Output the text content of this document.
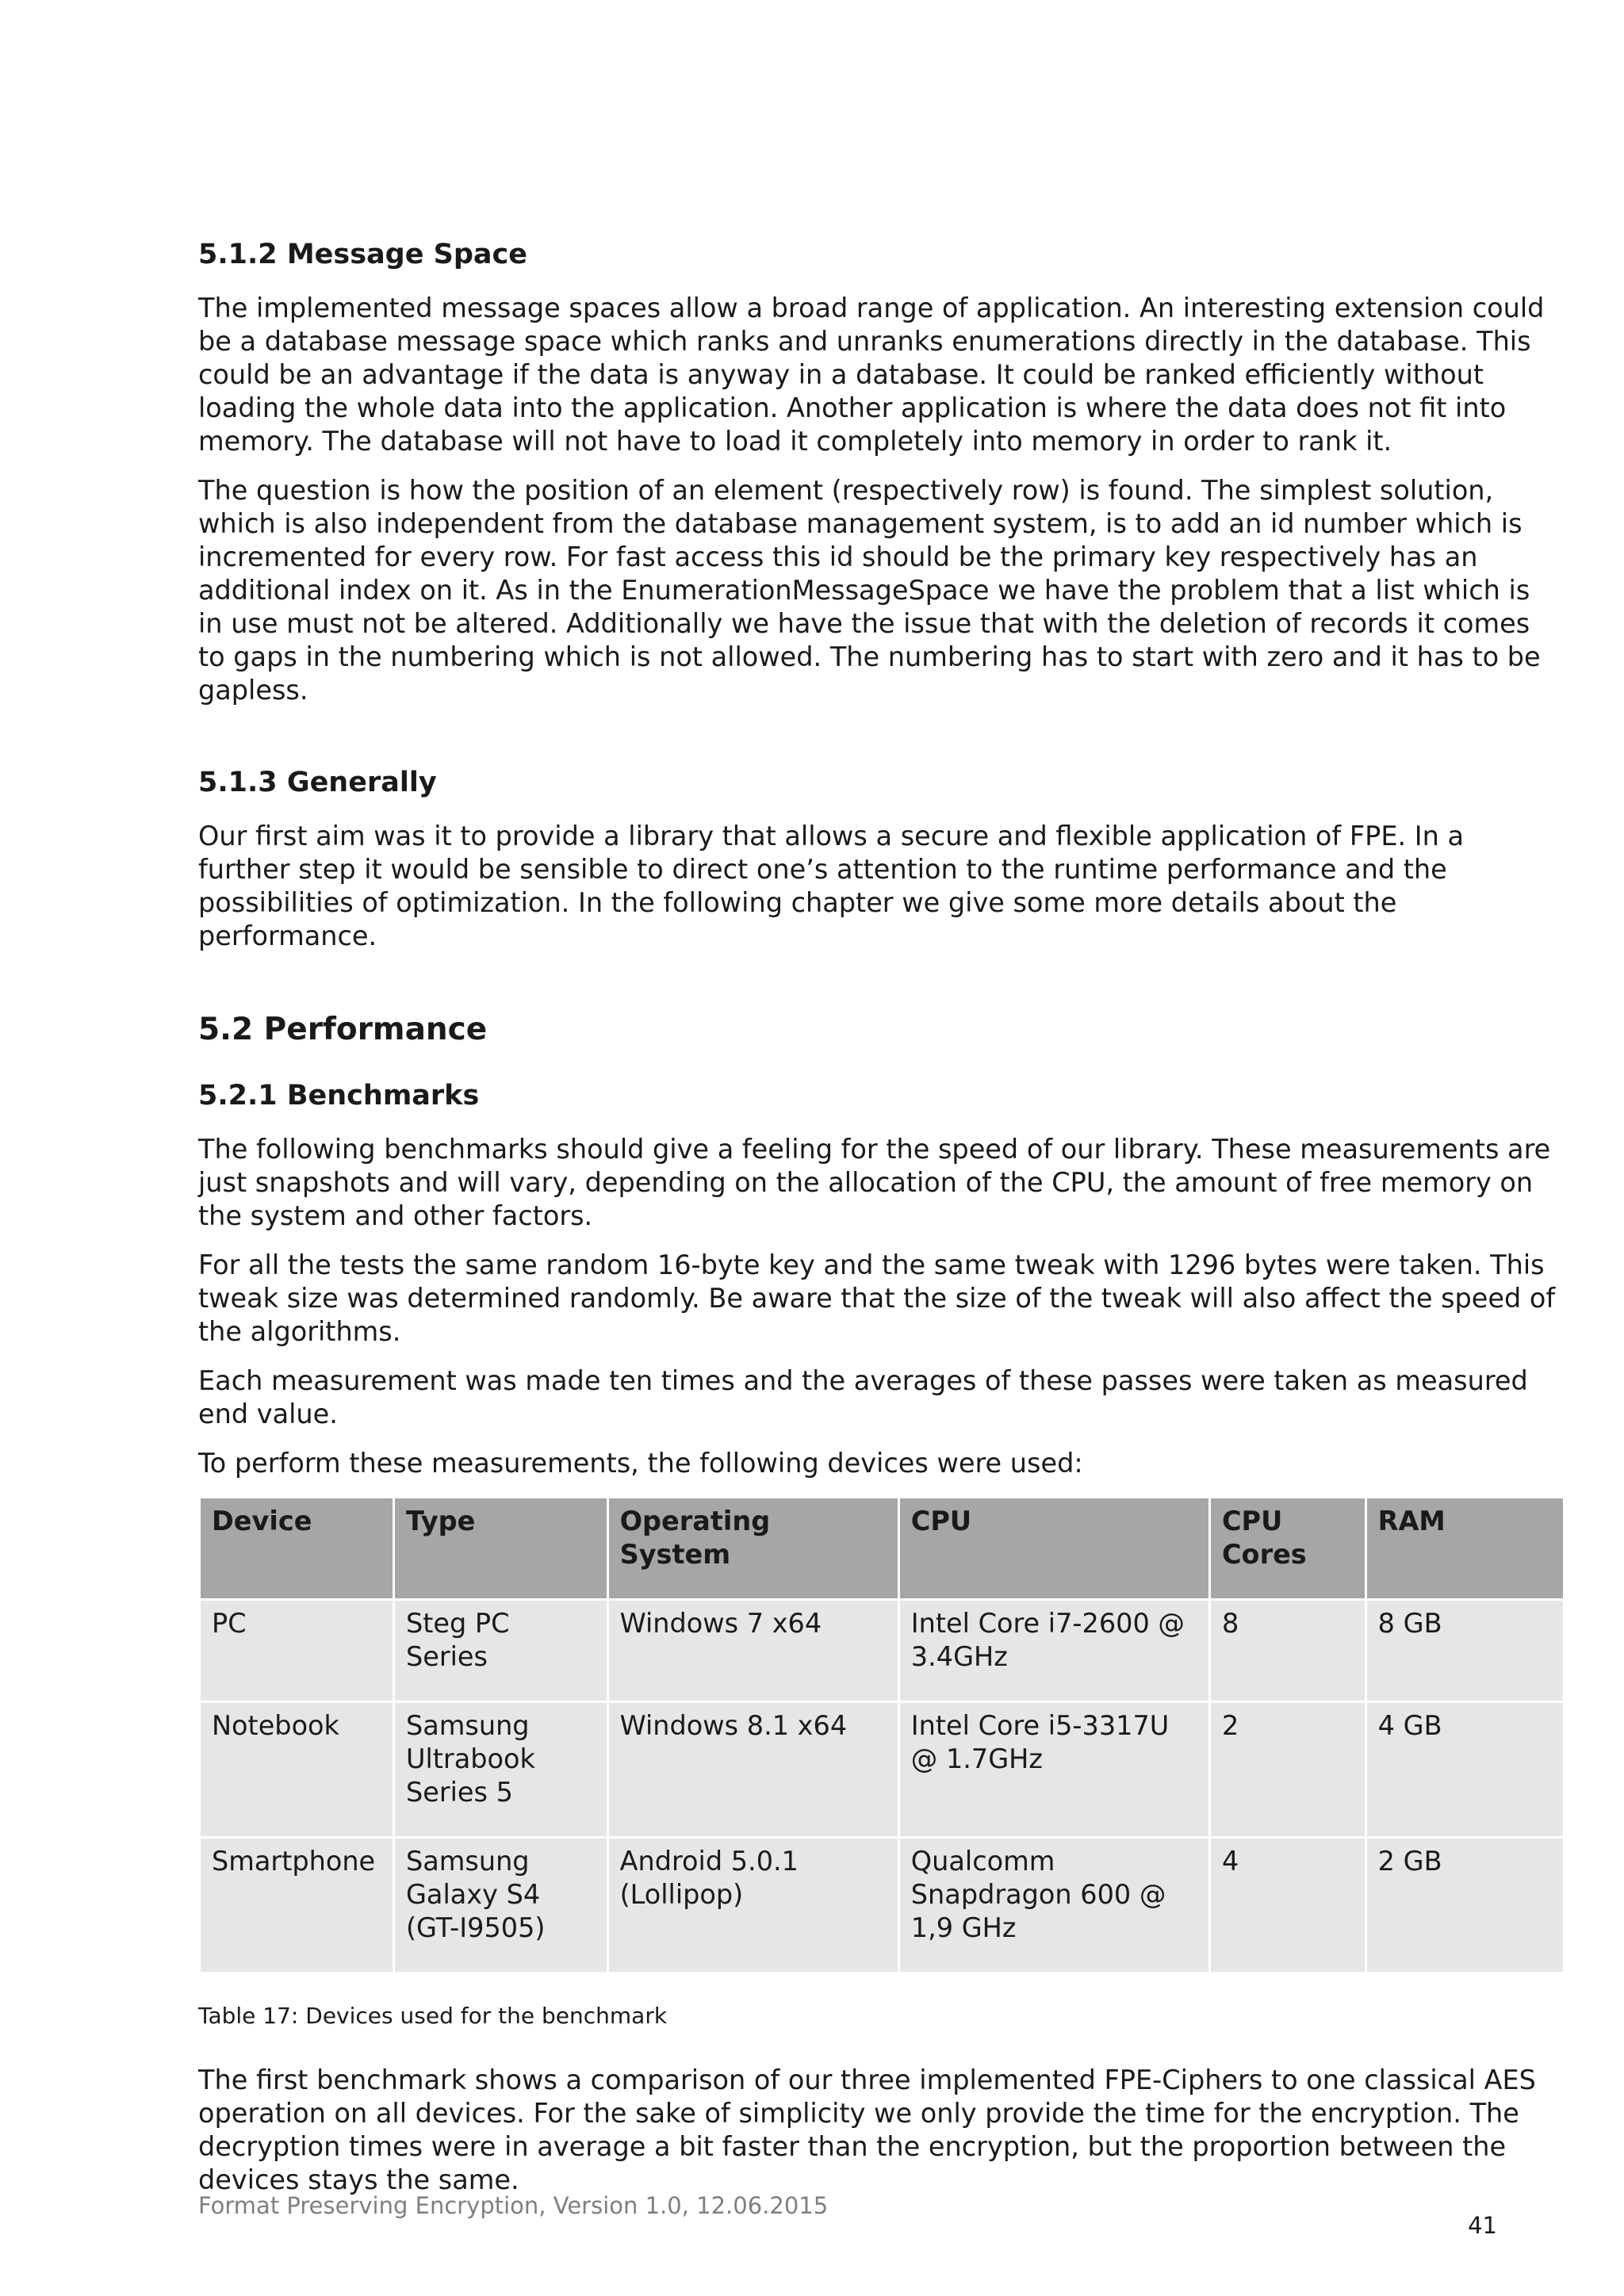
5.1.2 Message Space

The implemented message spaces allow a broad range of application. An interesting extension could be a database message space which ranks and unranks enumerations directly in the database. This could be an advantage if the data is anyway in a database. It could be ranked efficiently without loading the whole data into the application. Another application is where the data does not fit into memory. The database will not have to load it completely into memory in order to rank it.

The question is how the position of an element (respectively row) is found. The simplest solution, which is also independent from the database management system, is to add an id number which is incremented for every row. For fast access this id should be the primary key respectively has an additional index on it. As in the EnumerationMessageSpace we have the problem that a list which is in use must not be altered. Additionally we have the issue that with the deletion of records it comes to gaps in the numbering which is not allowed. The numbering has to start with zero and it has to be gapless.

5.1.3 Generally

Our first aim was it to provide a library that allows a secure and flexible application of FPE. In a further step it would be sensible to direct one’s attention to the runtime performance and the possibilities of optimization. In the following chapter we give some more details about the performance.

5.2 Performance
5.2.1 Benchmarks

The following benchmarks should give a feeling for the speed of our library. These measurements are just snapshots and will vary, depending on the allocation of the CPU, the amount of free memory on the system and other factors.

For all the tests the same random 16-byte key and the same tweak with 1296 bytes were taken. This tweak size was determined randomly. Be aware that the size of the tweak will also affect the speed of the algorithms.

Each measurement was made ten times and the averages of these passes were taken as measured end value.

To perform these measurements, the following devices were used:

Device	Type	Operating System	CPU	CPU Cores	RAM
PC	Steg PC Series	Windows 7 x64	Intel Core i7-2600 @ 3.4GHz	8	8 GB
Notebook	Samsung Ultrabook Series 5	Windows 8.1 x64	Intel Core i5-3317U @ 1.7GHz	2	4 GB
Smartphone	Samsung Galaxy S4 (GT-I9505)	Android 5.0.1 (Lollipop)	Qualcomm Snapdragon 600 @ 1,9 GHz	4	2 GB
Table 17: Devices used for the benchmark

The first benchmark shows a comparison of our three implemented FPE-Ciphers to one classical AES operation on all devices. For the sake of simplicity we only provide the time for the encryption. The decryption times were in average a bit faster than the encryption, but the proportion between the devices stays the same.

Format Preserving Encryption, Version 1.0, 12.06.2015
41
